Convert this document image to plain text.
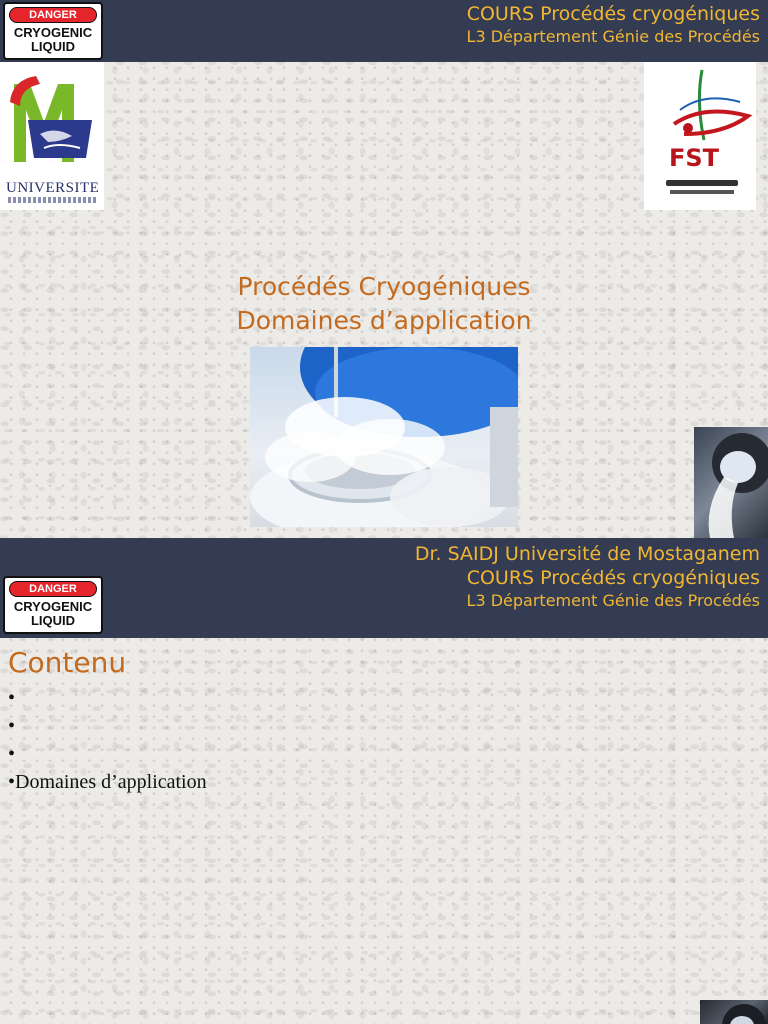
COURS Procédés cryogéniques
L3 Département Génie des Procédés
DANGER
CRYOGENIC
LIQUID
UNIVERSITE
FST
Procédés Cryogéniques
Domaines d’application
Dr. SAIDJ Université de Mostaganem
COURS Procédés cryogéniques
L3 Département Génie des Procédés
DANGER
CRYOGENIC
LIQUID
Contenu
•
•
•
•Domaines d’application
